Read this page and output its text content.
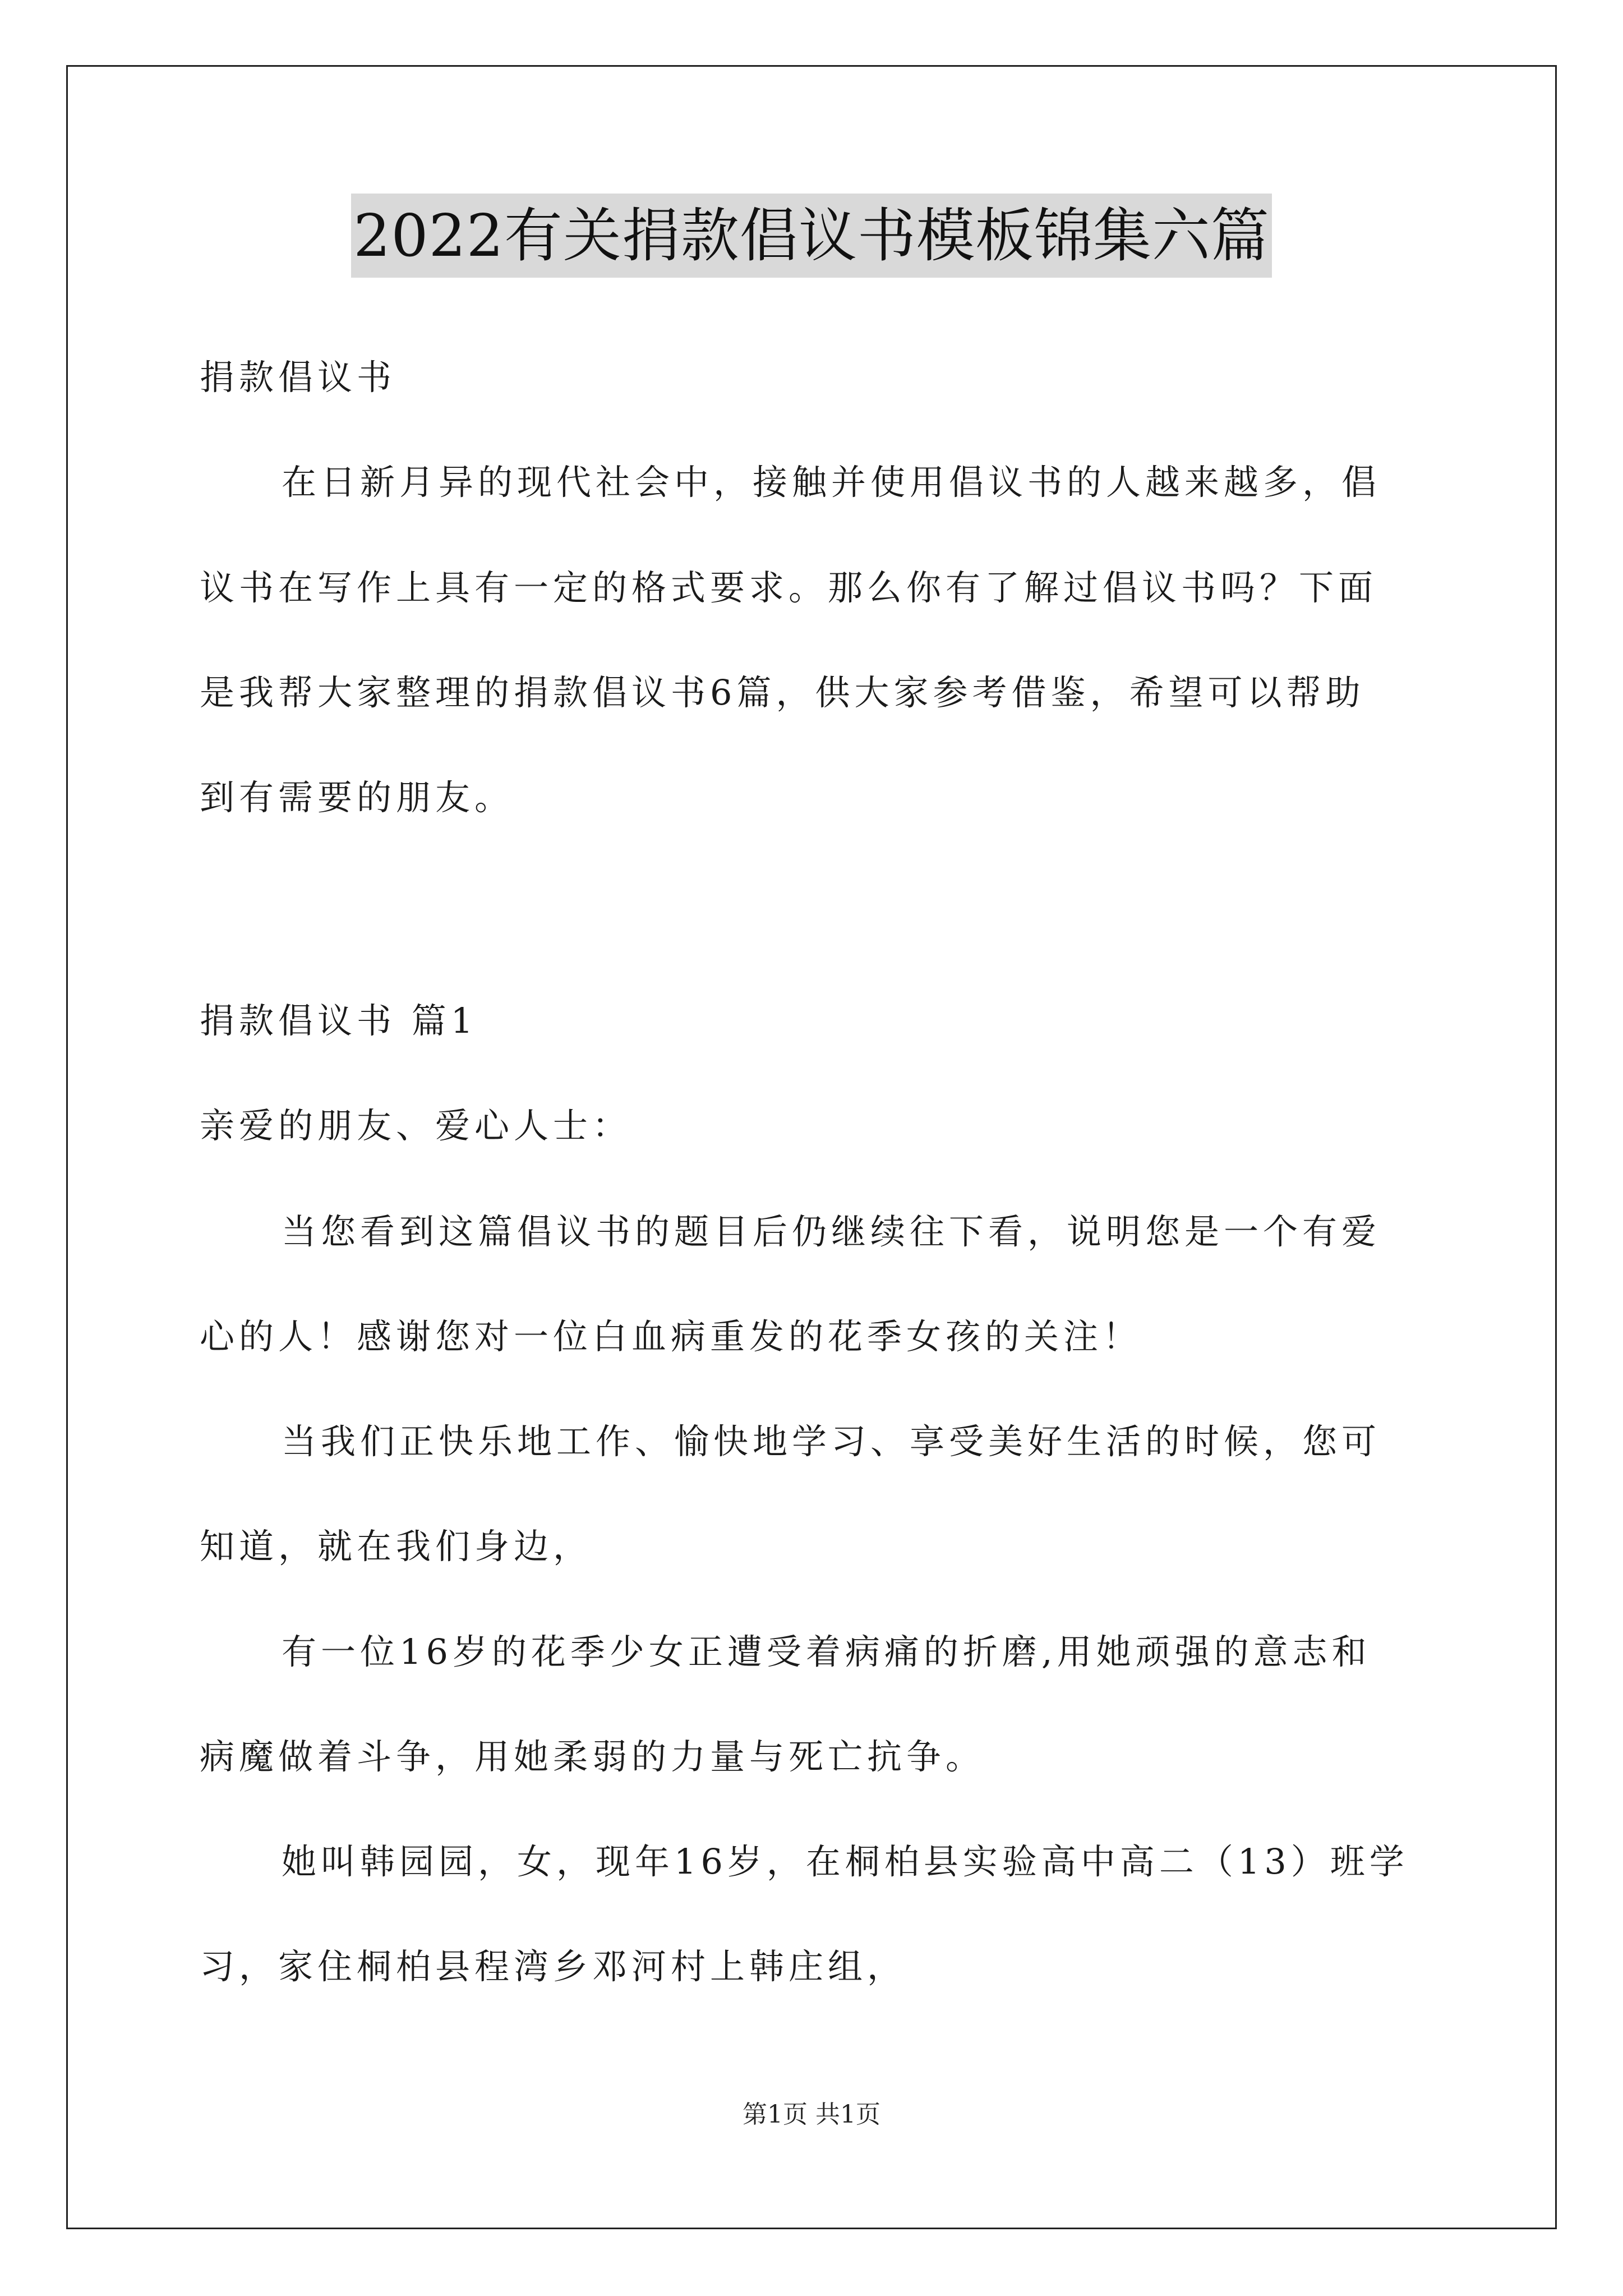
2022有关捐款倡议书模板锦集六篇
捐款倡议书
在日新月异的现代社会中，接触并使用倡议书的人越来越多，倡
议书在写作上具有一定的格式要求。那么你有了解过倡议书吗？下面
是我帮大家整理的捐款倡议书6篇，供大家参考借鉴，希望可以帮助
到有需要的朋友。
捐款倡议书 篇1
亲爱的朋友、爱心人士：
当您看到这篇倡议书的题目后仍继续往下看，说明您是一个有爱
心的人！感谢您对一位白血病重发的花季女孩的关注！
当我们正快乐地工作、愉快地学习、享受美好生活的时候，您可
知道，就在我们身边，
有一位16岁的花季少女正遭受着病痛的折磨,用她顽强的意志和
病魔做着斗争，用她柔弱的力量与死亡抗争。
她叫韩园园，女，现年16岁，在桐柏县实验高中高二（13）班学
习，家住桐柏县程湾乡邓河村上韩庄组，
第1页 共1页
